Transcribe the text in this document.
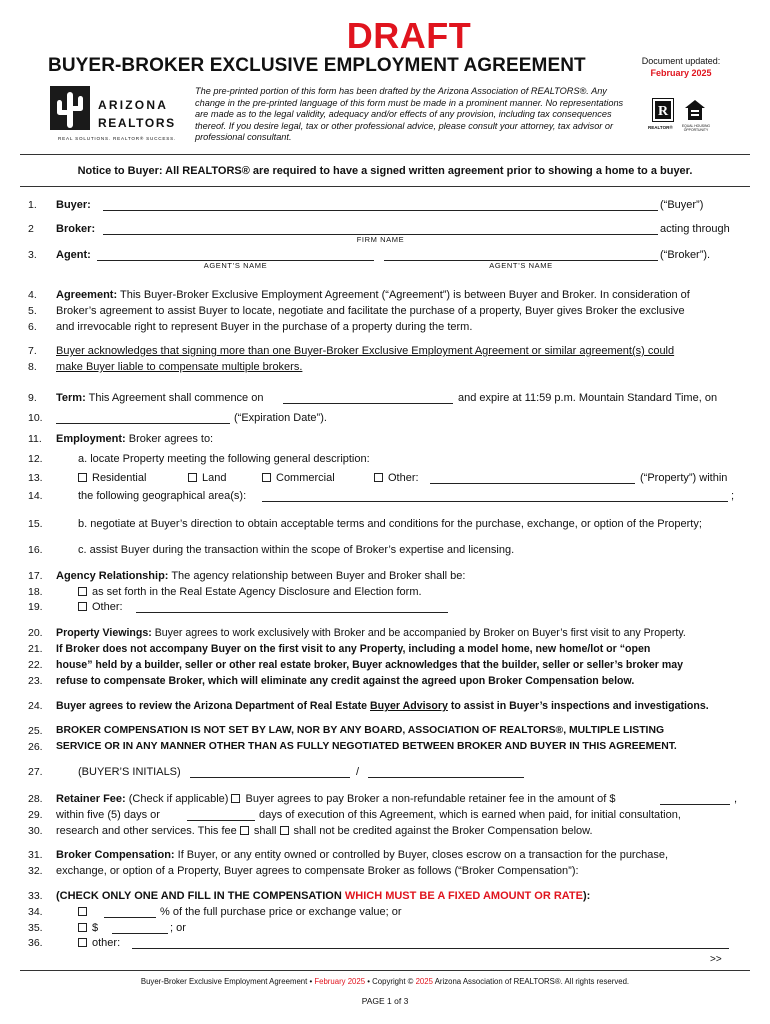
DRAFT
BUYER-BROKER EXCLUSIVE EMPLOYMENT AGREEMENT	Document updated:
February 2025
ARIZONA
REALTORS
REAL SOLUTIONS. REALTOR® SUCCESS.
The pre-printed portion of this form has been drafted by the Arizona Association of REALTORS®. Any change in the pre-printed language of this form must be made in a prominent manner. No representations are made as to the legal validity, adequacy and/or effects of any provision, including tax consequences thereof. If you desire legal, tax or other professional advice, please consult your attorney, tax advisor or professional consultant.
R
REALTOR®	EQUAL HOUSING OPPORTUNITY
Notice to Buyer: All REALTORS® are required to have a signed written agreement prior to showing a home to a buyer.
1.	Buyer:	(“Buyer”)
2	Broker:	acting through
FIRM NAME
3.	Agent:	(“Broker”).
AGENT’S NAME	AGENT’S NAME
4.	Agreement: This Buyer-Broker Exclusive Employment Agreement (“Agreement”) is between Buyer and Broker. In consideration of
5.	Broker’s agreement to assist Buyer to locate, negotiate and facilitate the purchase of a property, Buyer gives Broker the exclusive
6.	and irrevocable right to represent Buyer in the purchase of a property during the term.
7.	Buyer acknowledges that signing more than one Buyer-Broker Exclusive Employment Agreement or similar agreement(s) could
8.	make Buyer liable to compensate multiple brokers.
9.	Term: This Agreement shall commence on	and expire at 11:59 p.m. Mountain Standard Time, on
10.	(“Expiration Date”).
11.	Employment: Broker agrees to:
12.	a. locate Property meeting the following general description:
13.	Residential	Land	Commercial	Other:	(“Property”) within
14.	the following geographical area(s):	;
15.	b. negotiate at Buyer’s direction to obtain acceptable terms and conditions for the purchase, exchange, or option of the Property;
16.	c. assist Buyer during the transaction within the scope of Broker’s expertise and licensing.
17.	Agency Relationship: The agency relationship between Buyer and Broker shall be:
18.	as set forth in the Real Estate Agency Disclosure and Election form.
19.	Other:
20.	Property Viewings: Buyer agrees to work exclusively with Broker and be accompanied by Broker on Buyer’s first visit to any Property.
21.	If Broker does not accompany Buyer on the first visit to any Property, including a model home, new home/lot or “open
22.	house” held by a builder, seller or other real estate broker, Buyer acknowledges that the builder, seller or seller’s broker may
23.	refuse to compensate Broker, which will eliminate any credit against the agreed upon Broker Compensation below.
24.	Buyer agrees to review the Arizona Department of Real Estate Buyer Advisory to assist in Buyer’s inspections and investigations.
25.	BROKER COMPENSATION IS NOT SET BY LAW, NOR BY ANY BOARD, ASSOCIATION OF REALTORS®, MULTIPLE LISTING
26.	SERVICE OR IN ANY MANNER OTHER THAN AS FULLY NEGOTIATED BETWEEN BROKER AND BUYER IN THIS AGREEMENT.
27.	(BUYER’S INITIALS)	/
28.	Retainer Fee: (Check if applicable) Buyer agrees to pay Broker a non-refundable retainer fee in the amount of $	,
29.	within five (5) days or	days of execution of this Agreement, which is earned when paid, for initial consultation,
30.	research and other services. This fee shall shall not be credited against the Broker Compensation below.
31.	Broker Compensation: If Buyer, or any entity owned or controlled by Buyer, closes escrow on a transaction for the purchase,
32.	exchange, or option of a Property, Buyer agrees to compensate Broker as follows (“Broker Compensation”):
33.	(CHECK ONLY ONE AND FILL IN THE COMPENSATION WHICH MUST BE A FIXED AMOUNT OR RATE):
34.	% of the full purchase price or exchange value; or
35.	$	; or
36.	other:
>>
Buyer-Broker Exclusive Employment Agreement • February 2025 • Copyright © 2025 Arizona Association of REALTORS®. All rights reserved.
PAGE 1 of 3
